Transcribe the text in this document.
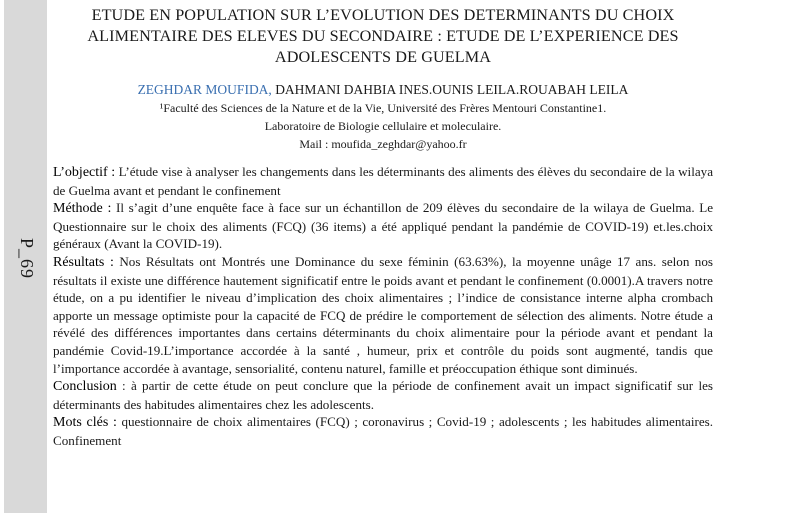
P_69
ETUDE EN POPULATION SUR L’EVOLUTION DES DETERMINANTS DU CHOIX ALIMENTAIRE DES ELEVES DU SECONDAIRE : ETUDE DE L’EXPERIENCE DES ADOLESCENTS DE GUELMA
ZEGHDAR MOUFIDA, DAHMANI DAHBIA INES.OUNIS LEILA.ROUABAH LEILA
¹Faculté des Sciences de la Nature et de la Vie, Université des Frères Mentouri Constantine1.
Laboratoire de Biologie cellulaire et moleculaire.
Mail : moufida_zeghdar@yahoo.fr

L’objectif : L’étude vise à analyser les changements dans les déterminants des aliments des élèves du secondaire de la wilaya de Guelma avant et pendant le confinement

Méthode : Il s’agit d’une enquête face à face sur un échantillon de 209 élèves du secondaire de la wilaya de Guelma. Le Questionnaire sur le choix des aliments (FCQ) (36 items) a été appliqué pendant la pandémie de COVID-19) et.les.choix généraux (Avant la COVID-19).

Résultats : Nos Résultats ont Montrés une Dominance du sexe féminin (63.63%), la moyenne unâge 17 ans. selon nos résultats il existe une différence hautement significatif entre le poids avant et pendant le confinement (0.0001).A travers notre étude, on a pu identifier le niveau d’implication des choix alimentaires ; l’indice de consistance interne alpha crombach apporte un message optimiste pour la capacité de FCQ de prédire le comportement de sélection des aliments. Notre étude a révélé des différences importantes dans certains déterminants du choix alimentaire pour la période avant et pendant la pandémie Covid-19.L’importance accordée à la santé , humeur, prix et contrôle du poids sont augmenté, tandis que l’importance accordée à avantage, sensorialité, contenu naturel, famille et préoccupation éthique sont diminués.

Conclusion : à partir de cette étude on peut conclure que la période de confinement avait un impact significatif sur les déterminants des habitudes alimentaires chez les adolescents.

Mots clés : questionnaire de choix alimentaires (FCQ) ; coronavirus ; Covid-19 ; adolescents ; les habitudes alimentaires. Confinement
